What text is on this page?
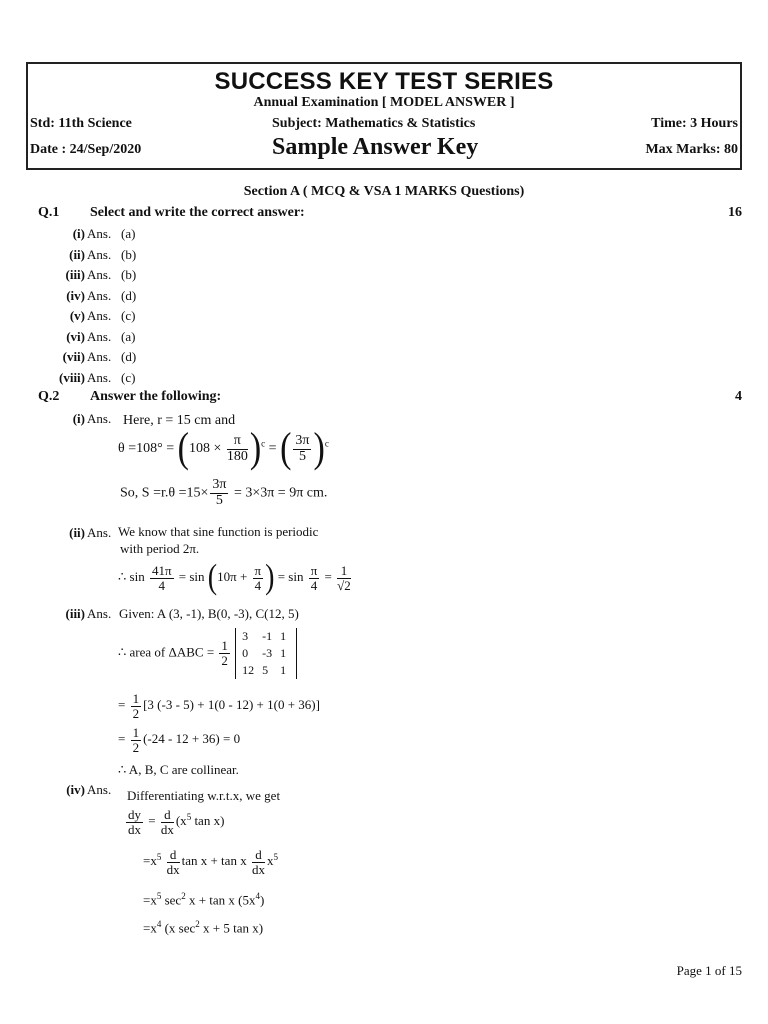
SUCCESS KEY TEST SERIES
Annual Examination [ MODEL ANSWER ]
Std: 11th Science	Subject: Mathematics & Statistics	Time: 3 Hours
Date : 24/Sep/2020	Sample Answer Key	Max Marks: 80
Section A ( MCQ & VSA 1 MARKS Questions)
Q.1 Select and write the correct answer:	16
(i) Ans. (a)
(ii) Ans. (b)
(iii) Ans. (b)
(iv) Ans. (d)
(v) Ans. (c)
(vi) Ans. (a)
(vii) Ans. (d)
(viii) Ans. (c)
Q.2 Answer the following:	4
(i) Ans. Here, r = 15 cm and
$\theta =108^\circ = (108 \times \frac{\pi}{180} )^c$ = ( $\frac{3\pi}{5} )^c$
So, $S =r.\theta =15\times \frac{3\pi}{5} = 3\times 3\pi = 9\pi$ cm.
(ii) Ans. We know that sine function is periodic
with period 2π.
∴ $\sin \frac{41\pi}{4} = \sin (10\pi + \frac{\pi}{4}$ ) = $\sin \frac{\pi}{4} = \frac{1}{√2}$
(iii) Ans. Given: A (3, -1), B(0, -3), C(12, 5)
∴ area of $\Delta ABC = \frac{1}{2}$

3	-1	1
0	-3	1
12	5	1
= $\frac{1}{2} [3$ (-3 - 5) + 1(0 - 12) + 1(0 + 36)]
= $\frac{1}{2} (-24 - 12 + 36) = 0$
∴ A, B, C are collinear.
(iv) Ans. Differentiating w.r.t.x, we get
$\frac{dy}{dx} = \frac{d}{dx} (x^5$ tan x)
$=x^5 \frac{d}{dx}$ tan x + tan x $\frac{d}{dx} x^5$
$=x^5$ $\sec^2 x + \tan x$ $(5x^4)$
$=x^4$ (x $\sec^2 x + 5$ tan x)
Page 1 of 15
